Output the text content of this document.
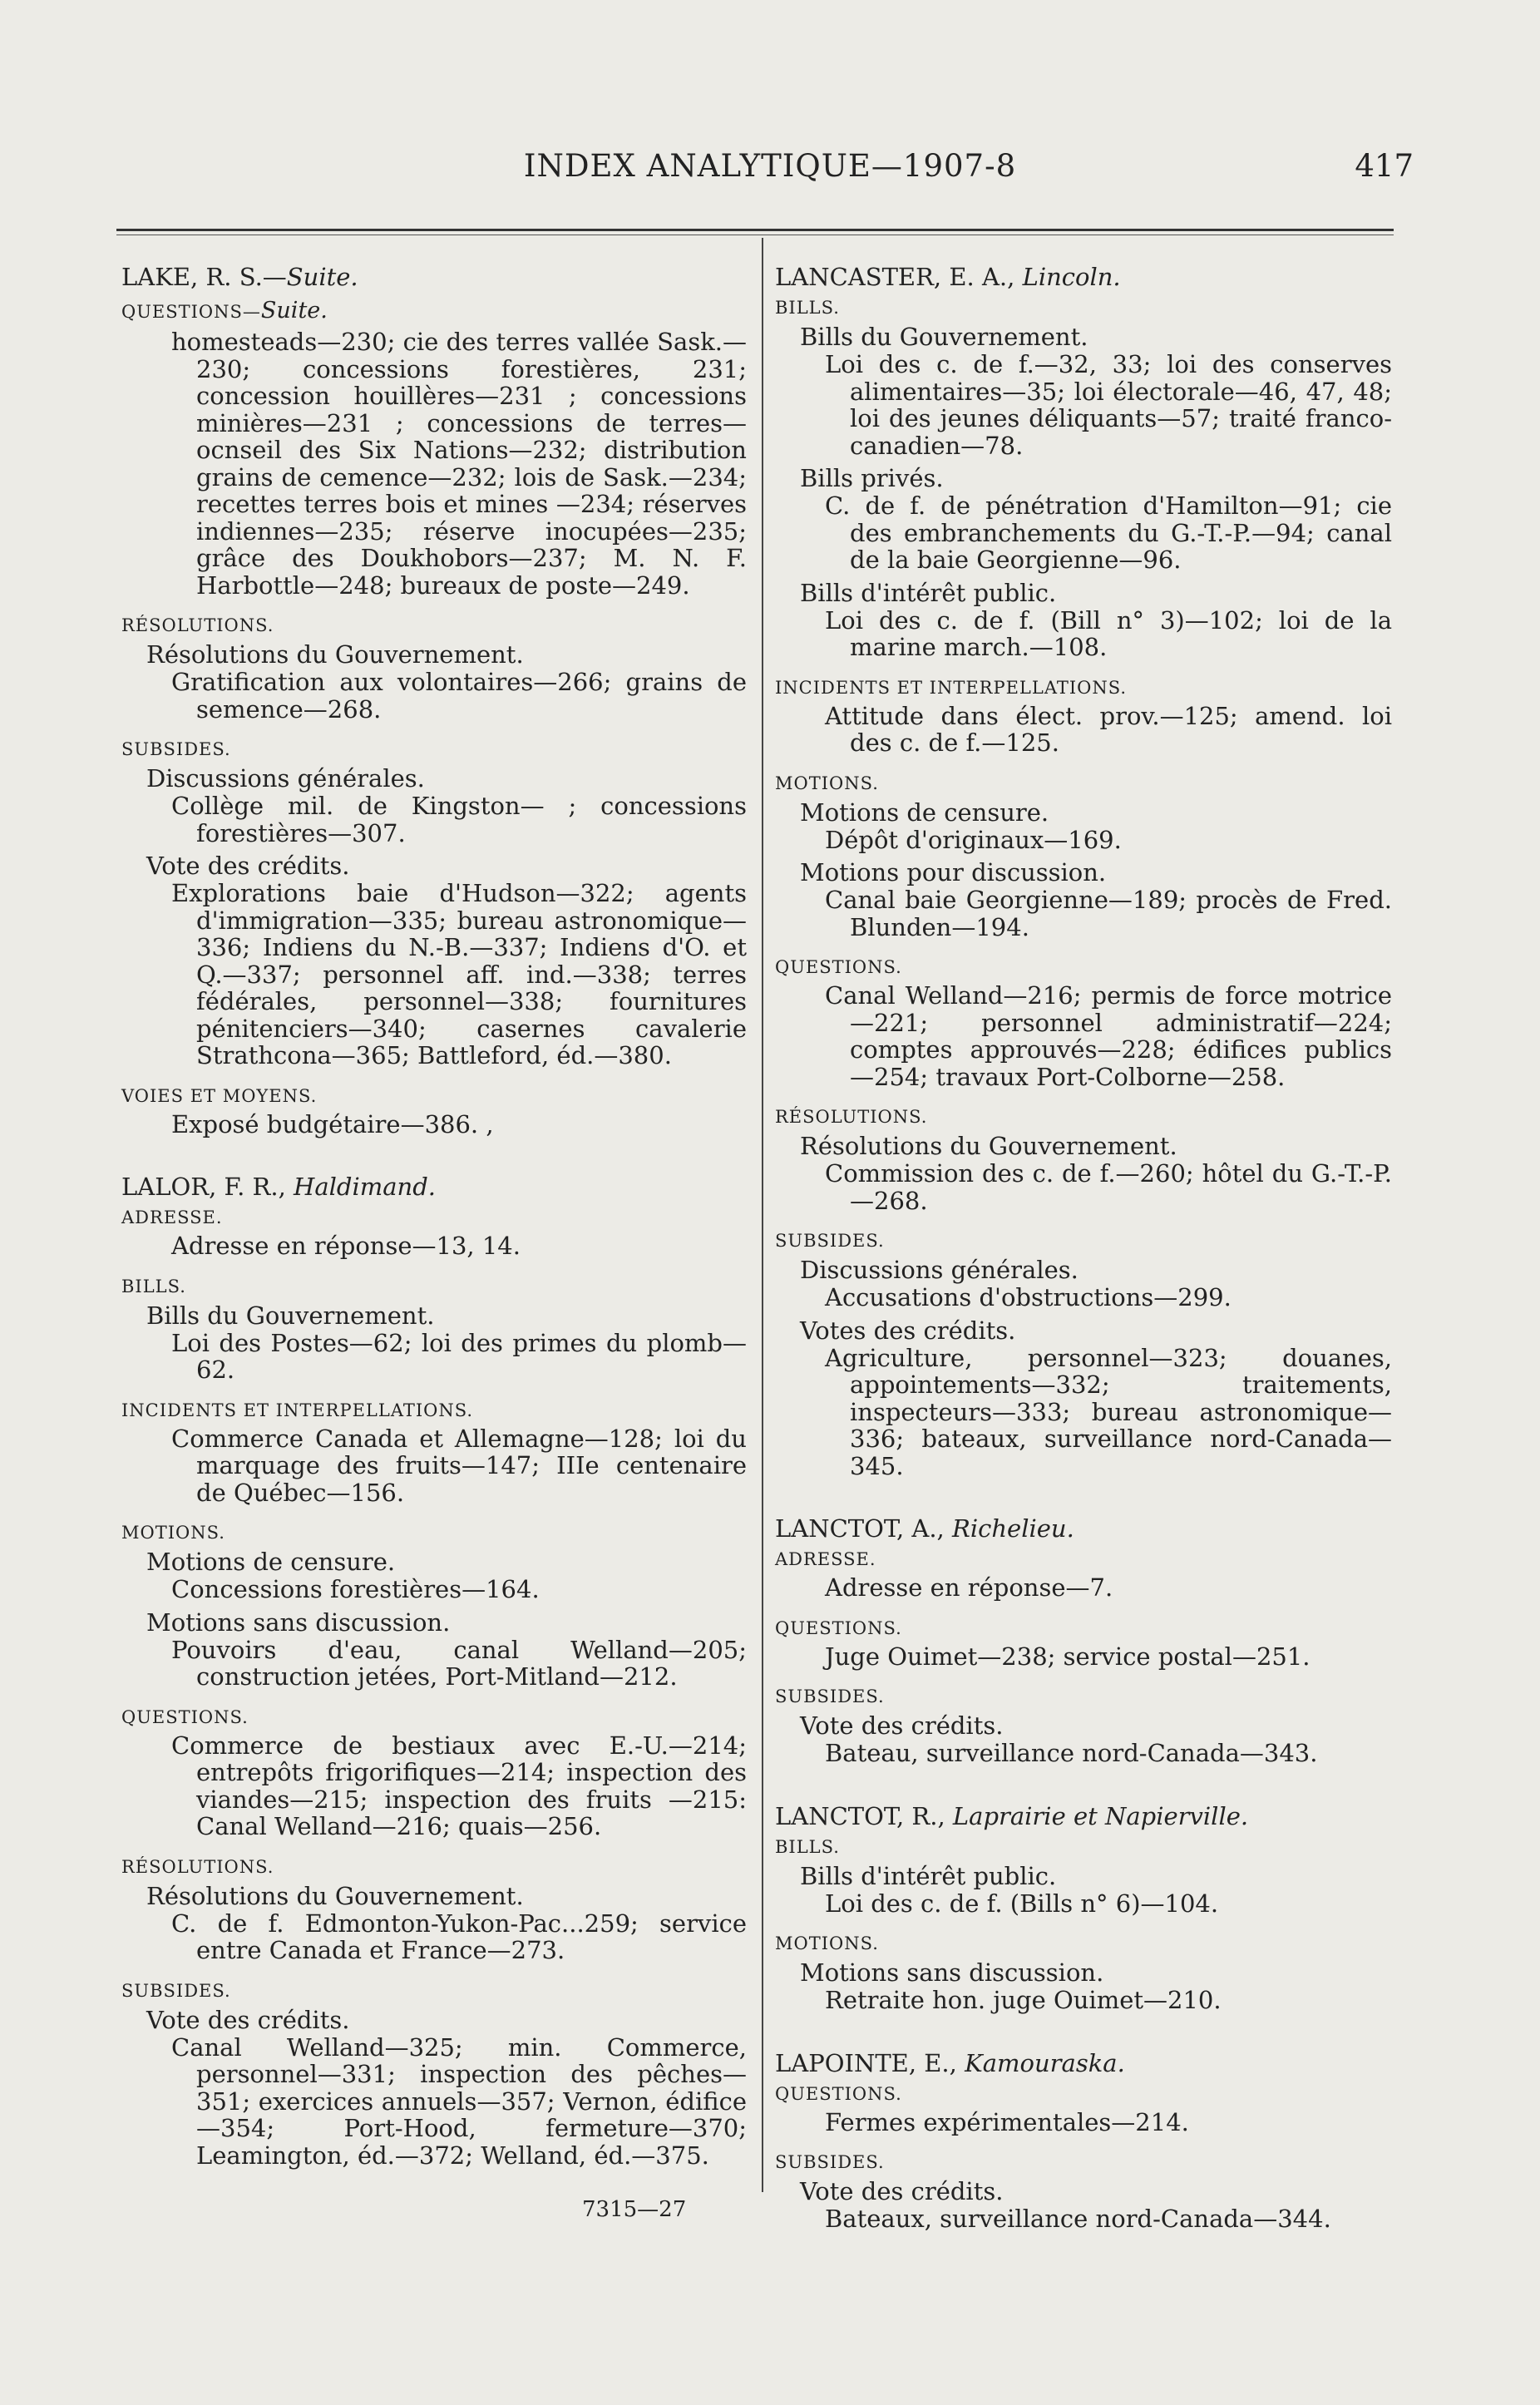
INDEX ANALYTIQUE—1907-8	417
LAKE, R. S.—Suite.
QUESTIONS—Suite.
homesteads—230; cie des terres vallée Sask.—230; concessions forestières, 231; concession houillères—231 ; concessions minières—231 ; concessions de terres—ocnseil des Six Nations—232; distribution grains de cemence—232; lois de Sask.—234; recettes terres bois et mines —234; réserves indiennes—235; réserve inocupées—235; grâce des Doukhobors—237; M. N. F. Harbottle—248; bureaux de poste—249.
RÉSOLUTIONS.
Résolutions du Gouvernement.
Gratification aux volontaires—266; grains de semence—268.
SUBSIDES.
Discussions générales.
Collège mil. de Kingston— ; concessions forestières—307.
Vote des crédits.
Explorations baie d'Hudson—322; agents d'immigration—335; bureau astronomique—336; Indiens du N.-B.—337; Indiens d'O. et Q.—337; personnel aff. ind.—338; terres fédérales, personnel—338; fournitures pénitenciers—340; casernes cavalerie Strathcona—365; Battleford, éd.—380.
VOIES ET MOYENS.
Exposé budgétaire—386. ,
LALOR, F. R., Haldimand.
ADRESSE.
Adresse en réponse—13, 14.
BILLS.
Bills du Gouvernement.
Loi des Postes—62; loi des primes du plomb—62.
INCIDENTS ET INTERPELLATIONS.
Commerce Canada et Allemagne—128; loi du marquage des fruits—147; IIIe centenaire de Québec—156.
MOTIONS.
Motions de censure.
Concessions forestières—164.
Motions sans discussion.
Pouvoirs d'eau, canal Welland—205; construction jetées, Port-Mitland—212.
QUESTIONS.
Commerce de bestiaux avec E.-U.—214; entrepôts frigorifiques—214; inspection des viandes—215; inspection des fruits —215: Canal Welland—216; quais—256.
RÉSOLUTIONS.
Résolutions du Gouvernement.
C. de f. Edmonton-Yukon-Pac...259; service entre Canada et France—273.
SUBSIDES.
Vote des crédits.
Canal Welland—325; min. Commerce, personnel—331; inspection des pêches—351; exercices annuels—357; Vernon, édifice—354; Port-Hood, fermeture—370; Leamington, éd.—372; Welland, éd.—375.
LANCASTER, E. A., Lincoln.
BILLS.
Bills du Gouvernement.
Loi des c. de f.—32, 33; loi des conserves alimentaires—35; loi électorale—46, 47, 48; loi des jeunes déliquants—57; traité franco-canadien—78.
Bills privés.
C. de f. de pénétration d'Hamilton—91; cie des embranchements du G.-T.-P.—94; canal de la baie Georgienne—96.
Bills d'intérêt public.
Loi des c. de f. (Bill n° 3)—102; loi de la marine march.—108.
INCIDENTS ET INTERPELLATIONS.
Attitude dans élect. prov.—125; amend. loi des c. de f.—125.
MOTIONS.
Motions de censure.
Dépôt d'originaux—169.
Motions pour discussion.
Canal baie Georgienne—189; procès de Fred. Blunden—194.
QUESTIONS.
Canal Welland—216; permis de force motrice—221; personnel administratif—224; comptes approuvés—228; édifices publics —254; travaux Port-Colborne—258.
RÉSOLUTIONS.
Résolutions du Gouvernement.
Commission des c. de f.—260; hôtel du G.-T.-P.—268.
SUBSIDES.
Discussions générales.
Accusations d'obstructions—299.
Votes des crédits.
Agriculture, personnel—323; douanes, appointements—332; traitements, inspecteurs—333; bureau astronomique—336; bateaux, surveillance nord-Canada—345.
LANCTOT, A., Richelieu.
ADRESSE.
Adresse en réponse—7.
QUESTIONS.
Juge Ouimet—238; service postal—251.
SUBSIDES.
Vote des crédits.
Bateau, surveillance nord-Canada—343.
LANCTOT, R., Laprairie et Napierville.
BILLS.
Bills d'intérêt public.
Loi des c. de f. (Bills n° 6)—104.
MOTIONS.
Motions sans discussion.
Retraite hon. juge Ouimet—210.
LAPOINTE, E., Kamouraska.
QUESTIONS.
Fermes expérimentales—214.
SUBSIDES.
Vote des crédits.
Bateaux, surveillance nord-Canada—344.
7315—27
